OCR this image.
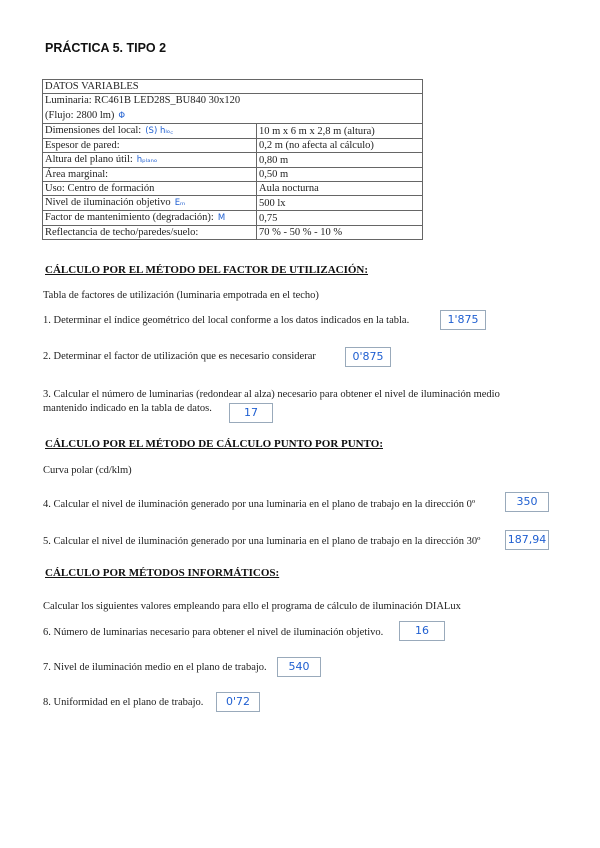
PRÁCTICA 5. TIPO 2
DATOS VARIABLES	

Luminaria: RC461B LED28S_BU840 30x120
(Flujo: 2800 lm) Φ	

Dimensiones del local: (S) hₗₒ꜀	10 m x 6 m x 2,8 m (altura)
Espesor de pared:	0,2 m (no afecta al cálculo)
Altura del plano útil: hₚₗₐₙₒ	0,80 m
Área marginal:	0,50 m
Uso: Centro de formación	Aula nocturna
Nivel de iluminación objetivo Eₘ	500 lx
Factor de mantenimiento (degradación): M	0,75
Reflectancia de techo/paredes/suelo:	70 % - 50 % - 10 %

CÁLCULO POR EL MÉTODO DEL FACTOR DE UTILIZACIÓN:

Tabla de factores de utilización (luminaria empotrada en el techo)
1. Determinar el índice geométrico del local conforme a los datos indicados en la tabla.	1'875
2. Determinar el factor de utilización que es necesario considerar	0'875
3. Calcular el número de luminarias (redondear al alza) necesario para obtener el nivel de iluminación medio
mantenido indicado en la tabla de datos.	17

CÁLCULO POR EL MÉTODO DE CÁLCULO PUNTO POR PUNTO:

Curva polar (cd/klm)
4. Calcular el nivel de iluminación generado por una luminaria en el plano de trabajo en la dirección 0º	350
5. Calcular el nivel de iluminación generado por una luminaria en el plano de trabajo en la dirección 30º 187,94

CÁLCULO POR MÉTODOS INFORMÁTICOS:

Calcular los siguientes valores empleando para ello el programa de cálculo de iluminación DIALux
6. Número de luminarias necesario para obtener el nivel de iluminación objetivo.	16
7. Nivel de iluminación medio en el plano de trabajo.	540
8. Uniformidad en el plano de trabajo.	0'72
